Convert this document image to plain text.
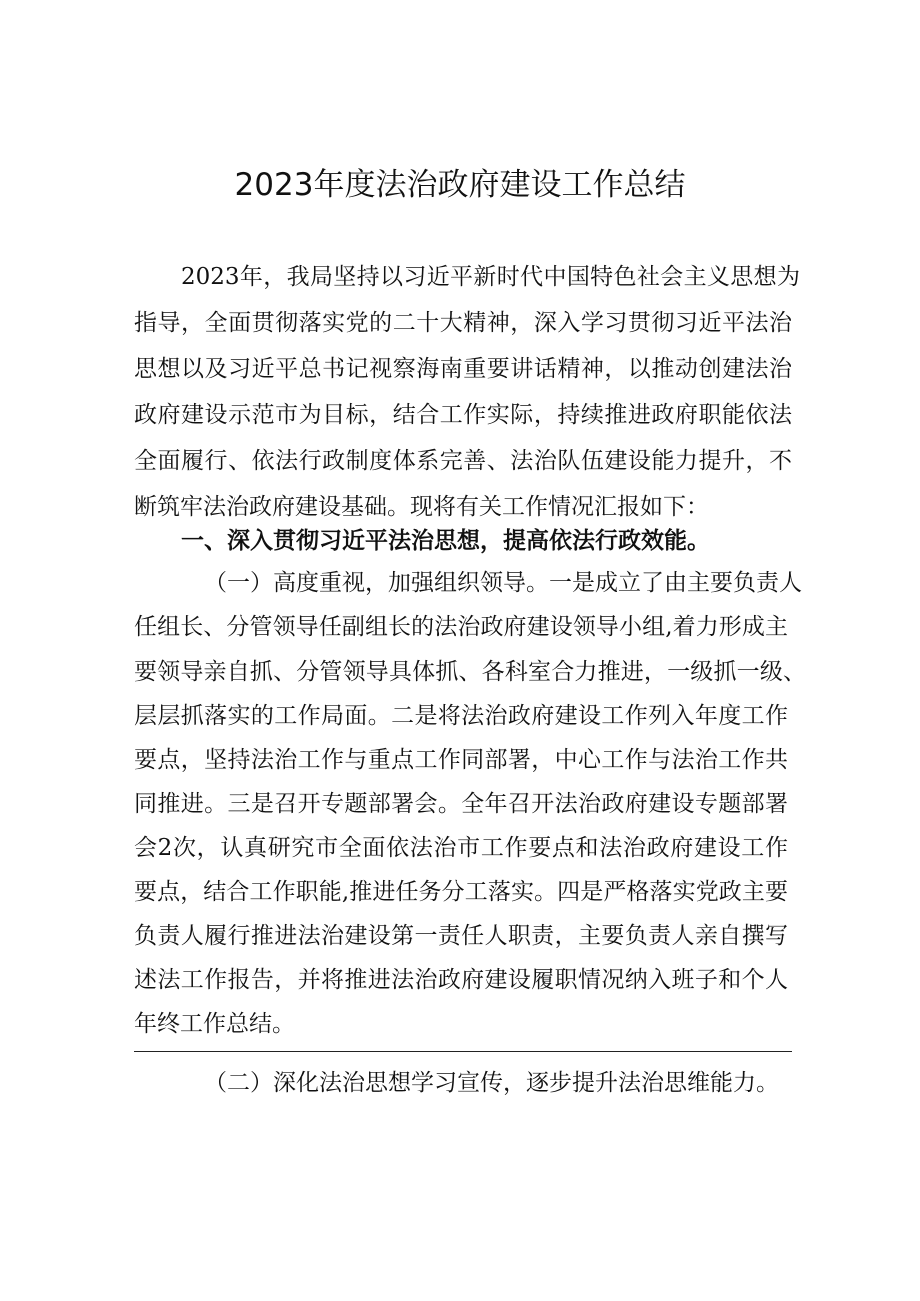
2023年度法治政府建设工作总结
2023年，我局坚持以习近平新时代中国特色社会主义思想为
指导，全面贯彻落实党的二十大精神，深入学习贯彻习近平法治
思想以及习近平总书记视察海南重要讲话精神，以推动创建法治
政府建设示范市为目标，结合工作实际，持续推进政府职能依法
全面履行、依法行政制度体系完善、法治队伍建设能力提升，不
断筑牢法治政府建设基础。现将有关工作情况汇报如下：
一、深入贯彻习近平法治思想，提高依法行政效能。
（一）高度重视，加强组织领导。一是成立了由主要负责人
任组长、分管领导任副组长的法治政府建设领导小组,着力形成主
要领导亲自抓、分管领导具体抓、各科室合力推进，一级抓一级、
层层抓落实的工作局面。二是将法治政府建设工作列入年度工作
要点，坚持法治工作与重点工作同部署，中心工作与法治工作共
同推进。三是召开专题部署会。全年召开法治政府建设专题部署
会2次，认真研究市全面依法治市工作要点和法治政府建设工作
要点，结合工作职能,推进任务分工落实。四是严格落实党政主要
负责人履行推进法治建设第一责任人职责，主要负责人亲自撰写
述法工作报告，并将推进法治政府建设履职情况纳入班子和个人
年终工作总结。
（二）深化法治思想学习宣传，逐步提升法治思维能力。
